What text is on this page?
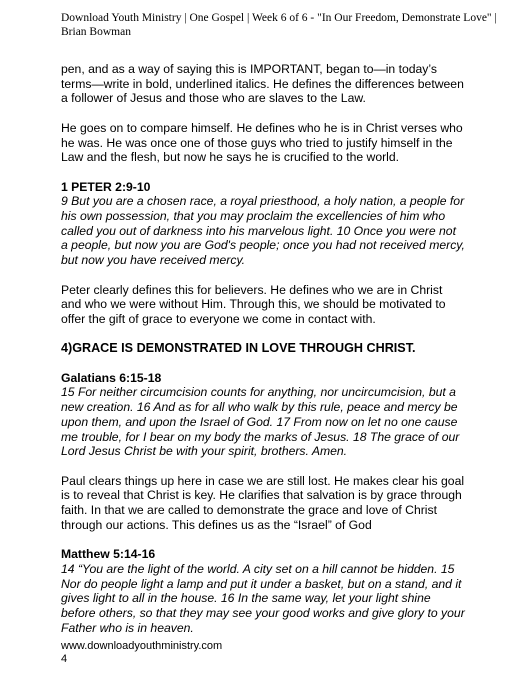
Download Youth Ministry | One Gospel | Week 6 of 6 - "In Our Freedom, Demonstrate Love" |
Brian Bowman

pen, and as a way of saying this is IMPORTANT, began to—in today’s terms—write in bold, underlined italics. He defines the differences between a follower of Jesus and those who are slaves to the Law.

He goes on to compare himself. He defines who he is in Christ verses who he was. He was once one of those guys who tried to justify himself in the Law and the flesh, but now he says he is crucified to the world.

1 PETER 2:9-10

9 But you are a chosen race, a royal priesthood, a holy nation, a people for his own possession, that you may proclaim the excellencies of him who called you out of darkness into his marvelous light. 10 Once you were not a people, but now you are God's people; once you had not received mercy, but now you have received mercy.

Peter clearly defines this for believers. He defines who we are in Christ and who we were without Him. Through this, we should be motivated to offer the gift of grace to everyone we come in contact with.

4)GRACE IS DEMONSTRATED IN LOVE THROUGH CHRIST.

Galatians 6:15-18

15 For neither circumcision counts for anything, nor uncircumcision, but a new creation. 16 And as for all who walk by this rule, peace and mercy be upon them, and upon the Israel of God. 17 From now on let no one cause me trouble, for I bear on my body the marks of Jesus. 18 The grace of our Lord Jesus Christ be with your spirit, brothers. Amen.

Paul clears things up here in case we are still lost. He makes clear his goal is to reveal that Christ is key. He clarifies that salvation is by grace through faith. In that we are called to demonstrate the grace and love of Christ through our actions. This defines us as the “Israel” of God

Matthew 5:14-16

14 “You are the light of the world. A city set on a hill cannot be hidden. 15 Nor do people light a lamp and put it under a basket, but on a stand, and it gives light to all in the house. 16 In the same way, let your light shine before others, so that they may see your good works and give glory to your Father who is in heaven.

www.downloadyouthministry.com
4
